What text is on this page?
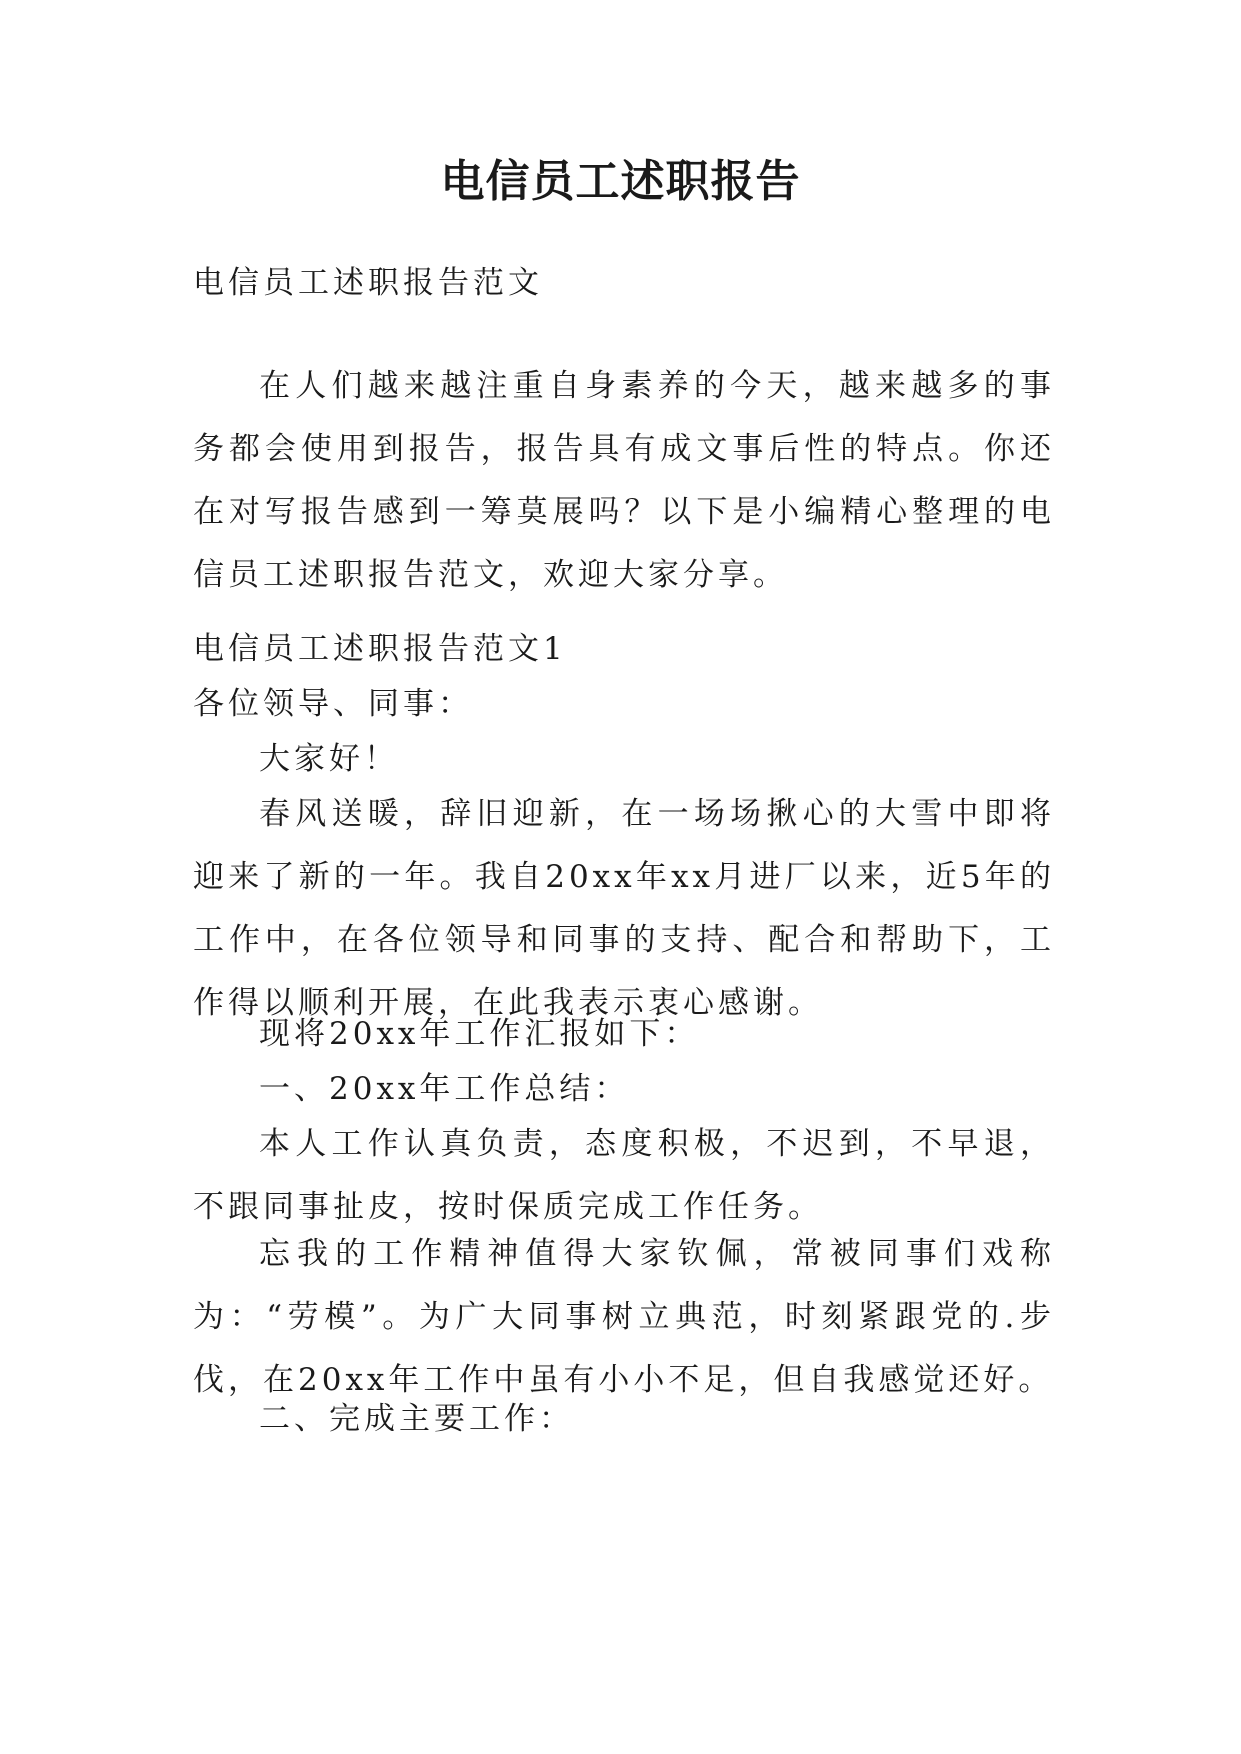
电信员工述职报告

电信员工述职报告范文

在人们越来越注重自身素养的今天，越来越多的事务都会使用到报告，报告具有成文事后性的特点。你还在对写报告感到一筹莫展吗？以下是小编精心整理的电信员工述职报告范文，欢迎大家分享。

电信员工述职报告范文1

各位领导、同事：

大家好！

春风送暖，辞旧迎新，在一场场揪心的大雪中即将迎来了新的一年。我自20xx年xx月进厂以来，近5年的工作中，在各位领导和同事的支持、配合和帮助下，工作得以顺利开展，在此我表示衷心感谢。

现将20xx年工作汇报如下：

一、20xx年工作总结：

本人工作认真负责，态度积极，不迟到，不早退，不跟同事扯皮，按时保质完成工作任务。

忘我的工作精神值得大家钦佩，常被同事们戏称为：“劳模”。为广大同事树立典范，时刻紧跟党的.步伐，在20xx年工作中虽有小小不足，但自我感觉还好。

二、完成主要工作：
